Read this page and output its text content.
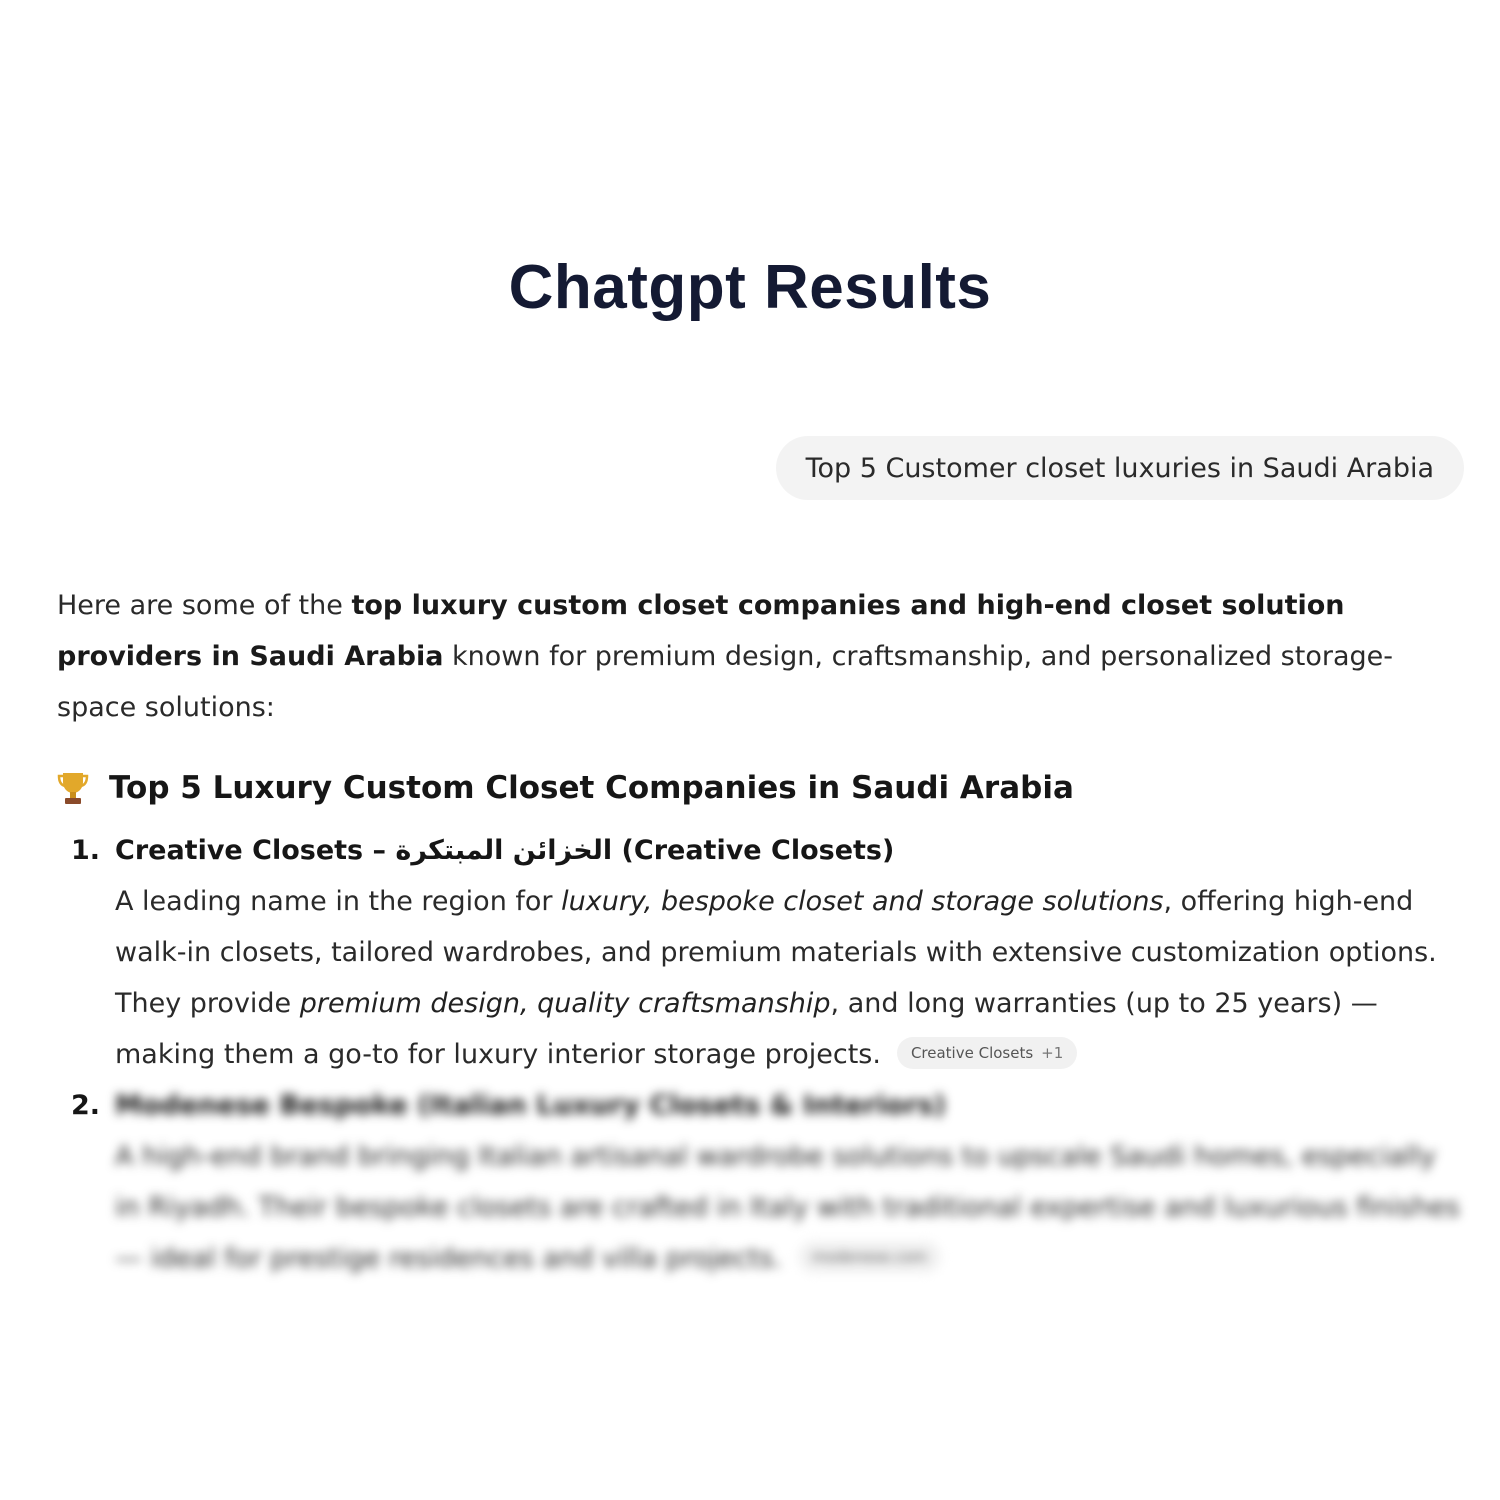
Chatgpt Results
Top 5 Customer closet luxuries in Saudi Arabia

Here are some of the top luxury custom closet companies and high-end closet solution providers in Saudi Arabia known for premium design, craftsmanship, and personalized storage-space solutions:

Top 5 Luxury Custom Closet Companies in Saudi Arabia
1. Creative Closets – الخزائن المبتكرة (Creative Closets)
A leading name in the region for luxury, bespoke closet and storage solutions, offering high-end walk-in closets, tailored wardrobes, and premium materials with extensive customization options. They provide premium design, quality craftsmanship, and long warranties (up to 25 years) — making them a go-to for luxury interior storage projects. Creative Closets +1
2. Modenese Bespoke (Italian Luxury Closets & Interiors)
A high-end brand bringing Italian artisanal wardrobe solutions to upscale Saudi homes, especially in Riyadh. Their bespoke closets are crafted in Italy with traditional expertise and luxurious finishes — ideal for prestige residences and villa projects. modenese.com
